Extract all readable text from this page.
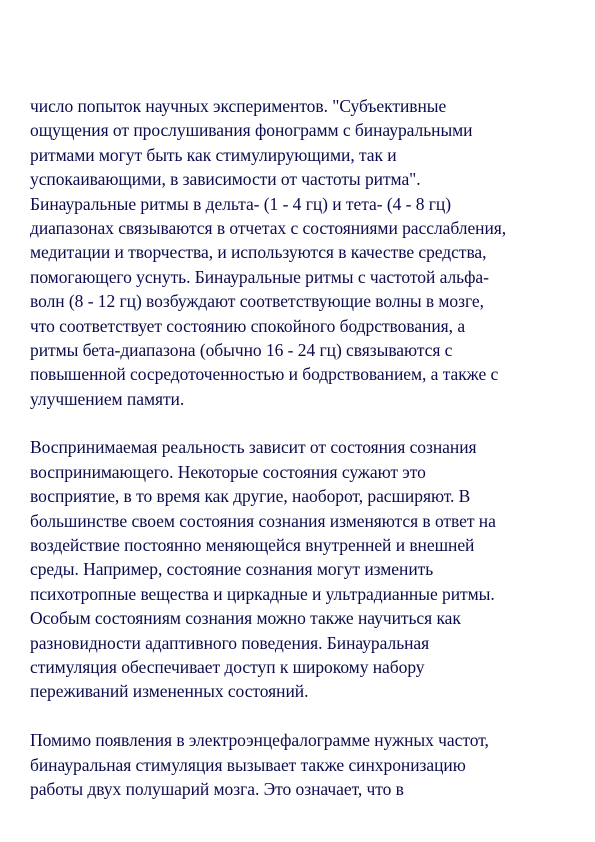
число попыток научных экспериментов. "Субъективные
ощущения от прослушивания фонограмм с бинауральными
ритмами могут быть как стимулирующими, так и
успокаивающими, в зависимости от частоты ритма".
Бинауральные ритмы в дельта- (1 - 4 гц) и тета- (4 - 8 гц)
диапазонах связываются в отчетах с состояниями расслабления,
медитации и творчества, и используются в качестве средства,
помогающего уснуть. Бинауральные ритмы с частотой альфа-
волн (8 - 12 гц) возбуждают соответствующие волны в мозге,
что соответствует состоянию спокойного бодрствования, а
ритмы бета-диапазона (обычно 16 - 24 гц) связываются с
повышенной сосредоточенностью и бодрствованием, а также с
улучшением памяти.
Воспринимаемая реальность зависит от состояния сознания
воспринимающего. Некоторые состояния сужают это
восприятие, в то время как другие, наоборот, расширяют. В
большинстве своем состояния сознания изменяются в ответ на
воздействие постоянно меняющейся внутренней и внешней
среды. Например, состояние сознания могут изменить
психотропные вещества и циркадные и ультрадианные ритмы.
Особым состояниям сознания можно также научиться как
разновидности адаптивного поведения. Бинауральная
стимуляция обеспечивает доступ к широкому набору
переживаний измененных состояний.
Помимо появления в электроэнцефалограмме нужных частот,
бинауральная стимуляция вызывает также синхронизацию
работы двух полушарий мозга. Это означает, что в
